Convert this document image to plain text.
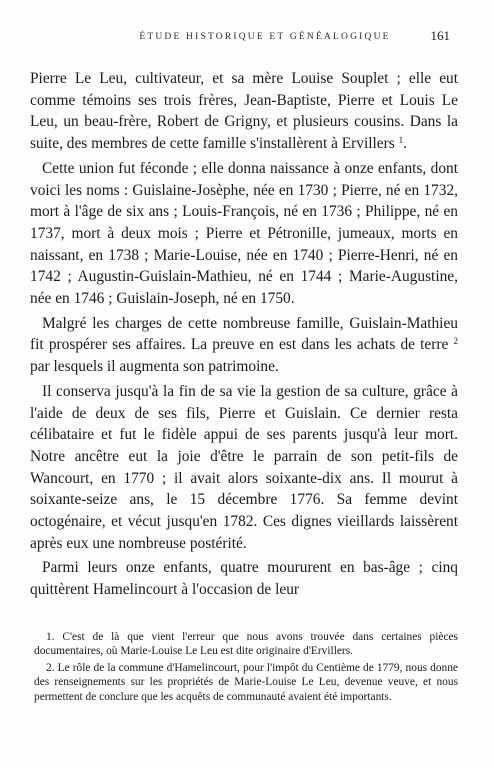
ÉTUDE HISTORIQUE ET GÉNÉALOGIQUE	161

Pierre Le Leu, cultivateur, et sa mère Louise Souplet ; elle eut comme témoins ses trois frères, Jean-Baptiste, Pierre et Louis Le Leu, un beau-frère, Robert de Grigny, et plusieurs cousins. Dans la suite, des membres de cette famille s'installèrent à Ervillers $^1$.

Cette union fut féconde ; elle donna naissance à onze enfants, dont voici les noms : Guislaine-Josèphe, née en 1730 ; Pierre, né en 1732, mort à l'âge de six ans ; Louis-François, né en 1736 ; Philippe, né en 1737, mort à deux mois ; Pierre et Pétronille, jumeaux, morts en naissant, en 1738 ; Marie-Louise, née en 1740 ; Pierre-Henri, né en 1742 ; Augustin-Guislain-Mathieu, né en 1744 ; Marie-Augustine, née en 1746 ; Guislain-Joseph, né en 1750.

Malgré les charges de cette nombreuse famille, Guislain-Mathieu fit prospérer ses affaires. La preuve en est dans les achats de terre $^2$ par lesquels il augmenta son patrimoine.

Il conserva jusqu'à la fin de sa vie la gestion de sa culture, grâce à l'aide de deux de ses fils, Pierre et Guislain. Ce dernier resta célibataire et fut le fidèle appui de ses parents jusqu'à leur mort. Notre ancêtre eut la joie d'être le parrain de son petit-fils de Wancourt, en 1770 ; il avait alors soixante-dix ans. Il mourut à soixante-seize ans, le 15 décembre 1776. Sa femme devint octogénaire, et vécut jusqu'en 1782. Ces dignes vieillards laissèrent après eux une nombreuse postérité.

Parmi leurs onze enfants, quatre moururent en bas-âge ; cinq quittèrent Hamelincourt à l'occasion de leur

1. C'est de là que vient l'erreur que nous avons trouvée dans certaines pièces documentaires, où Marie-Louise Le Leu est dite originaire d'Ervillers.

2. Le rôle de la commune d'Hamelincourt, pour l'impôt du Centième de 1779, nous donne des renseignements sur les propriétés de Marie-Louise Le Leu, devenue veuve, et nous permettent de conclure que les acquêts de communauté avaient été importants.
